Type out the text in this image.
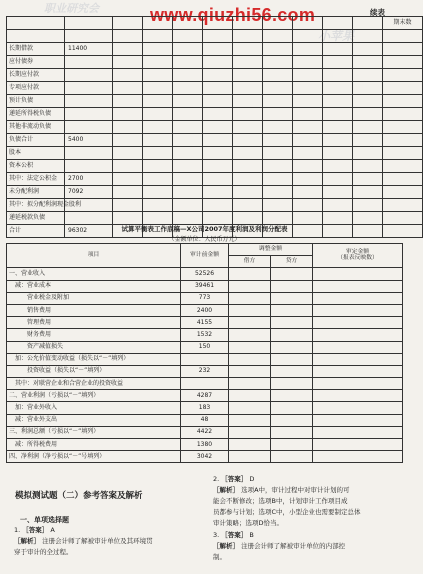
www.qiuzhi56.com
职业研究会
小苹果
续表
											期末数

长期借款	11400										
应付债券											
长期应付款											
专项应付款											
预计负债											
递延所得税负债											
其他非流动负债											
负债合计	5400										
股本											
资本公积											
其中：法定公积金	2700										
未分配利润	7092										
其中：拟分配利润现金股利											
递延税款负债											
合计	96302											试算平衡表工作底稿—X公司2007年度利润及利润分配表
（金额单位：人民币万元）
项目	审计前金额	调整金额		审定金额
（报表反映数）
		借方	贷方	
一、营业收入	52526			
减：营业成本	39461			
营业税金及附加	773			
销售费用	2400			
管理费用	4155			
财务费用	1532			
资产减值损失	150			
加：公允价值变动收益（损失以“－”填列）				
投资收益（损失以“－”填列）	232			
其中：对联营企业和合营企业的投资收益				
二、营业利润（亏损以“－”填列）	4287			
加：营业外收入	183			
减：营业外支出	48			
三、利润总额（亏损以“－”填列）	4422			
减：所得税费用	1380			
四、净利润（净亏损以“－”号填列）	3042			
模拟测试题（二）参考答案及解析
一、单项选择题
1. ［答案］ A
［解析］ 注册会计师了解被审计单位及其环境贯
穿于审计的全过程。
2. ［答案］ D
［解析］ 选项A中，审计过程中对审计计划的可
能会不断修改；选项B中，计划审计工作项目成
员都参与计划；选项C中，小型企业也需要制定总体
审计策略；选项D恰当。
3. ［答案］ B
［解析］ 注册会计师了解被审计单位的内部控
制。
